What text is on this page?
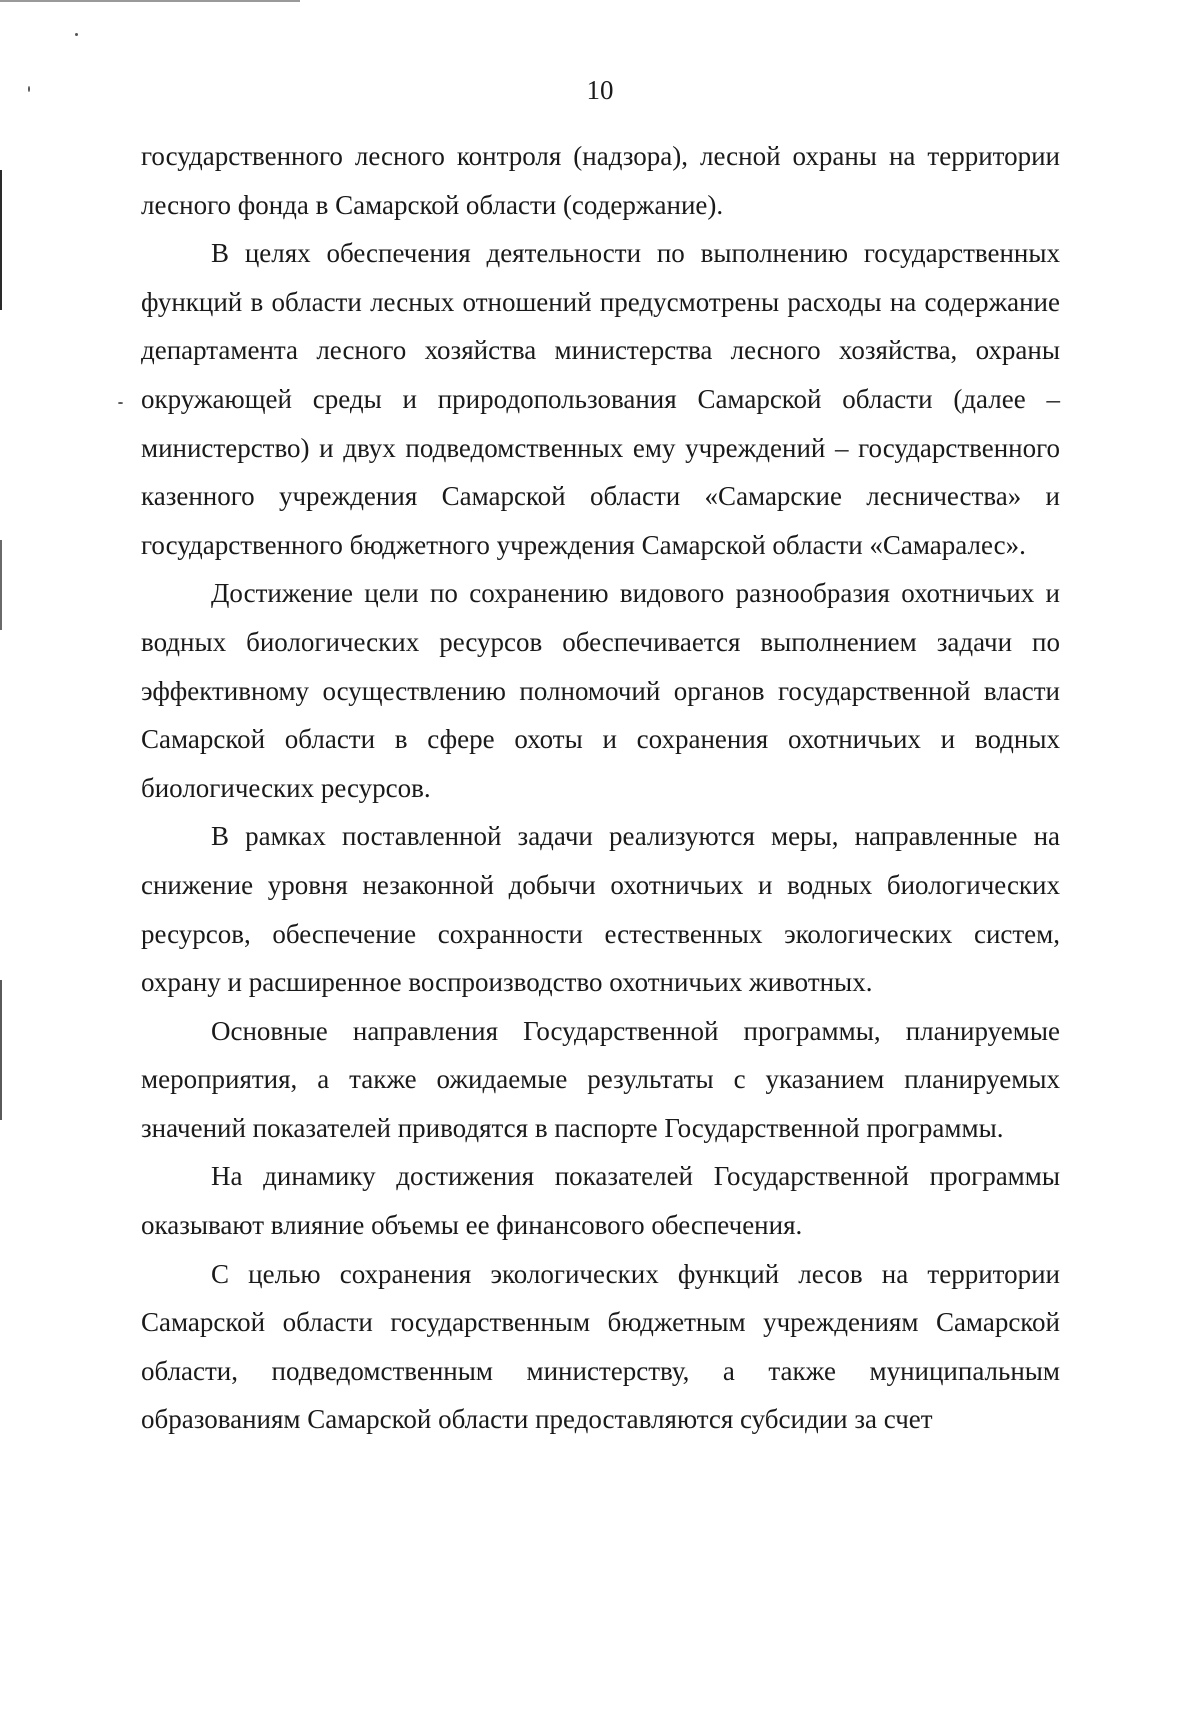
10

государственного лесного контроля (надзора), лесной охраны на территории лесного фонда в Самарской области (содержание).

В целях обеспечения деятельности по выполнению государственных функций в области лесных отношений предусмотрены расходы на содержание департамента лесного хозяйства министерства лесного хозяйства, охраны окружающей среды и природопользования Самарской области (далее – министерство) и двух подведомственных ему учреждений – государственного казенного учреждения Самарской области «Самарские лесничества» и государственного бюджетного учреждения Самарской области «Самаралес».

Достижение цели по сохранению видового разнообразия охотничьих и водных биологических ресурсов обеспечивается выполнением задачи по эффективному осуществлению полномочий органов государственной власти Самарской области в сфере охоты и сохранения охотничьих и водных биологических ресурсов.

В рамках поставленной задачи реализуются меры, направленные на снижение уровня незаконной добычи охотничьих и водных биологических ресурсов, обеспечение сохранности естественных экологических систем, охрану и расширенное воспроизводство охотничьих животных.

Основные направления Государственной программы, планируемые мероприятия, а также ожидаемые результаты с указанием планируемых значений показателей приводятся в паспорте Государственной программы.

На динамику достижения показателей Государственной программы оказывают влияние объемы ее финансового обеспечения.

С целью сохранения экологических функций лесов на территории Самарской области государственным бюджетным учреждениям Самарской области, подведомственным министерству, а также муниципальным образованиям Самарской области предоставляются субсидии за счет
